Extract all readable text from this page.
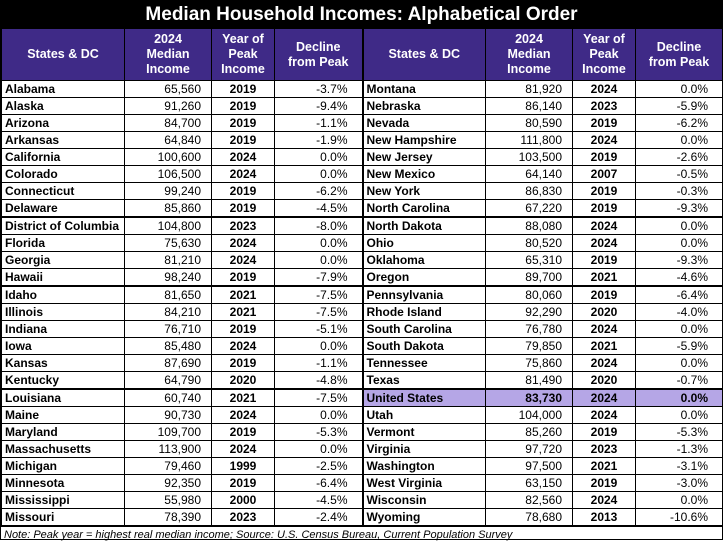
Median Household Incomes: Alphabetical Order
States & DC	2024
Median
Income	Year of
Peak
Income	Decline
from Peak	States & DC	2024
Median
Income	Year of
Peak
Income	Decline
from Peak
Alabama	65,560	2019	-3.7%	Montana	81,920	2024	0.0%
Alaska	91,260	2019	-9.4%	Nebraska	86,140	2023	-5.9%
Arizona	84,700	2019	-1.1%	Nevada	80,590	2019	-6.2%
Arkansas	64,840	2019	-1.9%	New Hampshire	111,800	2024	0.0%
California	100,600	2024	0.0%	New Jersey	103,500	2019	-2.6%
Colorado	106,500	2024	0.0%	New Mexico	64,140	2007	-0.5%
Connecticut	99,240	2019	-6.2%	New York	86,830	2019	-0.3%
Delaware	85,860	2019	-4.5%	North Carolina	67,220	2019	-9.3%
District of Columbia	104,800	2023	-8.0%	North Dakota	88,080	2024	0.0%
Florida	75,630	2024	0.0%	Ohio	80,520	2024	0.0%
Georgia	81,210	2024	0.0%	Oklahoma	65,310	2019	-9.3%
Hawaii	98,240	2019	-7.9%	Oregon	89,700	2021	-4.6%
Idaho	81,650	2021	-7.5%	Pennsylvania	80,060	2019	-6.4%
Illinois	84,210	2021	-7.5%	Rhode Island	92,290	2020	-4.0%
Indiana	76,710	2019	-5.1%	South Carolina	76,780	2024	0.0%
Iowa	85,480	2024	0.0%	South Dakota	79,850	2021	-5.9%
Kansas	87,690	2019	-1.1%	Tennessee	75,860	2024	0.0%
Kentucky	64,790	2020	-4.8%	Texas	81,490	2020	-0.7%
Louisiana	60,740	2021	-7.5%	United States	83,730	2024	0.0%
Maine	90,730	2024	0.0%	Utah	104,000	2024	0.0%
Maryland	109,700	2019	-5.3%	Vermont	85,260	2019	-5.3%
Massachusetts	113,900	2024	0.0%	Virginia	97,720	2023	-1.3%
Michigan	79,460	1999	-2.5%	Washington	97,500	2021	-3.1%
Minnesota	92,350	2019	-6.4%	West Virginia	63,150	2019	-3.0%
Mississippi	55,980	2000	-4.5%	Wisconsin	82,560	2024	0.0%
Missouri	78,390	2023	-2.4%	Wyoming	78,680	2013	-10.6%
Note: Peak year = highest real median income; Source: U.S. Census Bureau, Current Population Survey
